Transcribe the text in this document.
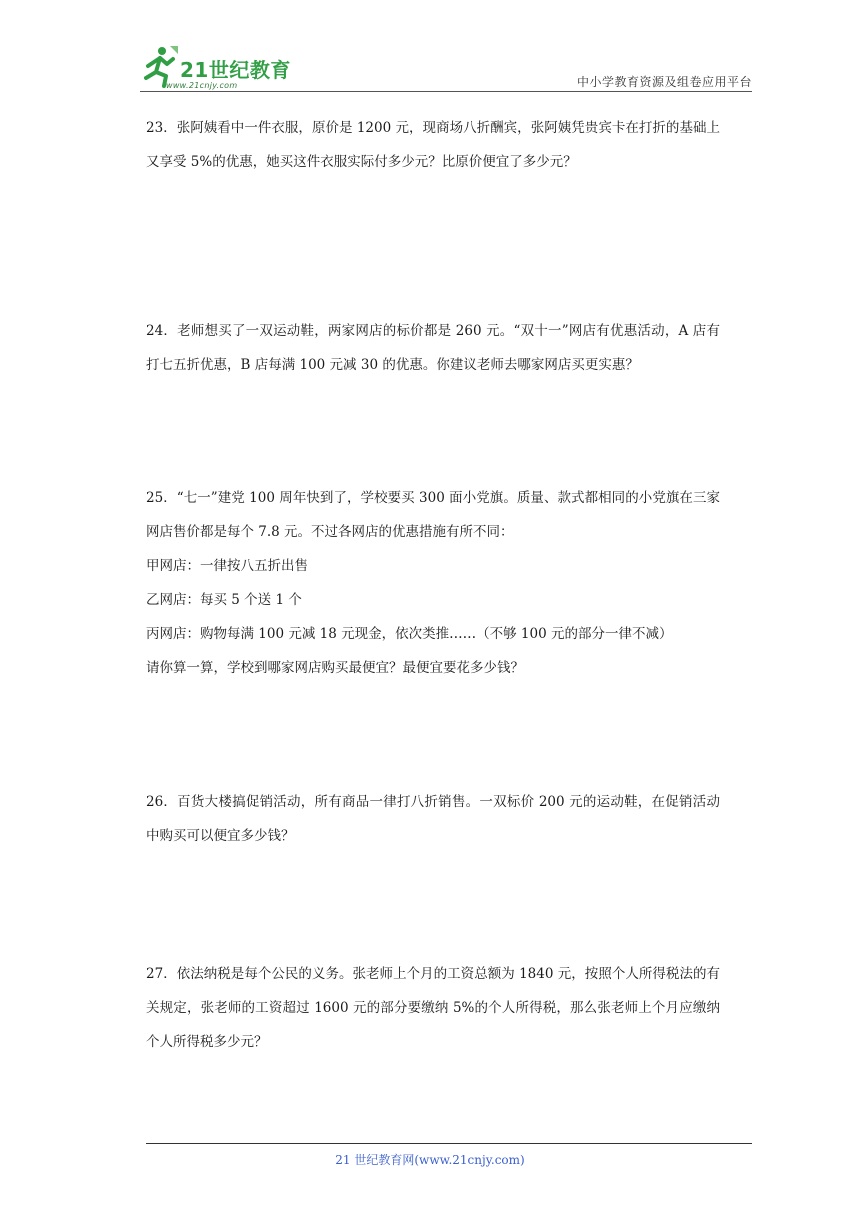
21世纪教育
www.21cnjy.com	中小学教育资源及组卷应用平台

23．张阿姨看中一件衣服，原价是 1200 元，现商场八折酬宾，张阿姨凭贵宾卡在打折的基础上又享受 5%的优惠，她买这件衣服实际付多少元？比原价便宜了多少元？

24．老师想买了一双运动鞋，两家网店的标价都是 260 元。“双十一”网店有优惠活动，A 店有打七五折优惠，B 店每满 100 元减 30 的优惠。你建议老师去哪家网店买更实惠？

25．“七一”建党 100 周年快到了，学校要买 300 面小党旗。质量、款式都相同的小党旗在三家网店售价都是每个 7.8 元。不过各网店的优惠措施有所不同：

甲网店：一律按八五折出售

乙网店：每买 5 个送 1 个

丙网店：购物每满 100 元减 18 元现金，依次类推……（不够 100 元的部分一律不减）

请你算一算，学校到哪家网店购买最便宜？最便宜要花多少钱？

26．百货大楼搞促销活动，所有商品一律打八折销售。一双标价 200 元的运动鞋，在促销活动中购买可以便宜多少钱？

27．依法纳税是每个公民的义务。张老师上个月的工资总额为 1840 元，按照个人所得税法的有关规定，张老师的工资超过 1600 元的部分要缴纳 5%的个人所得税，那么张老师上个月应缴纳个人所得税多少元？

21 世纪教育网(www.21cnjy.com)
